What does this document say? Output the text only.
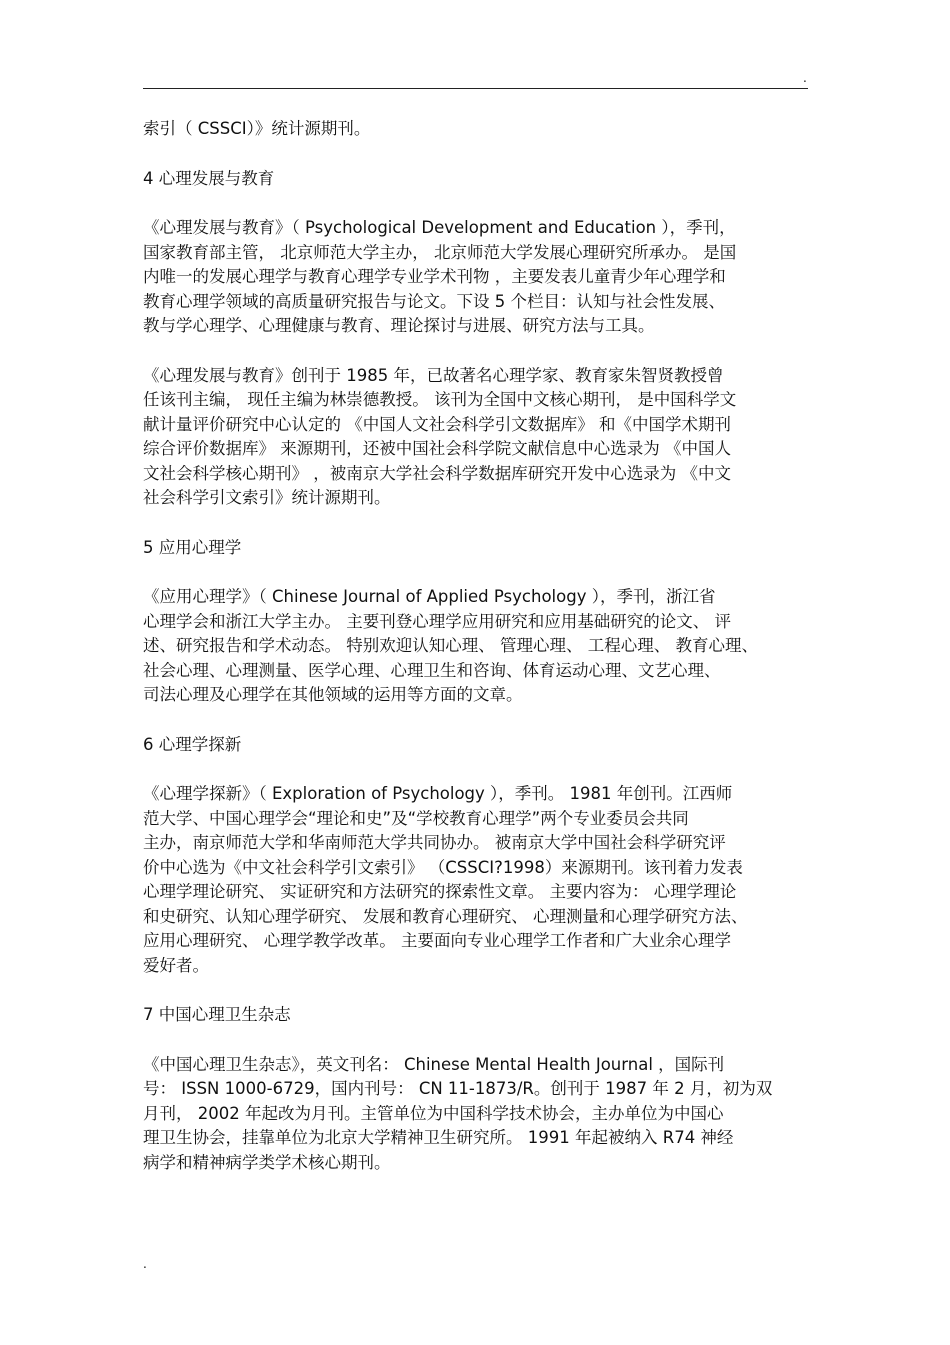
.

索引（ CSSCI）》统计源期刊。

4 心理发展与教育

《心理发展与教育》（ Psychological Development and Education ），季刊，
国家教育部主管， 北京师范大学主办， 北京师范大学发展心理研究所承办。 是国
内唯一的发展心理学与教育心理学专业学术刊物 ，主要发表儿童青少年心理学和
教育心理学领域的高质量研究报告与论文。下设 5 个栏目：认知与社会性发展、
教与学心理学、心理健康与教育、理论探讨与进展、研究方法与工具。

《心理发展与教育》创刊于 1985 年，已故著名心理学家、教育家朱智贤教授曾
任该刊主编， 现任主编为林崇德教授。 该刊为全国中文核心期刊， 是中国科学文
献计量评价研究中心认定的 《中国人文社会科学引文数据库》 和《中国学术期刊
综合评价数据库》 来源期刊，还被中国社会科学院文献信息中心选录为 《中国人
文社会科学核心期刊》 ，被南京大学社会科学数据库研究开发中心选录为 《中文
社会科学引文索引》统计源期刊。

5 应用心理学

《应用心理学》（ Chinese Journal of Applied Psychology ），季刊，浙江省
心理学会和浙江大学主办。 主要刊登心理学应用研究和应用基础研究的论文、 评
述、研究报告和学术动态。 特别欢迎认知心理、 管理心理、 工程心理、 教育心理、
社会心理、心理测量、医学心理、心理卫生和咨询、体育运动心理、文艺心理、
司法心理及心理学在其他领域的运用等方面的文章。

6 心理学探新

《心理学探新》（ Exploration of Psychology ），季刊。 1981 年创刊。江西师
范大学、中国心理学会“理论和史”及“学校教育心理学”两个专业委员会共同
主办，南京师范大学和华南师范大学共同协办。 被南京大学中国社会科学研究评
价中心选为《中文社会科学引文索引》 （CSSCI?1998）来源期刊。该刊着力发表
心理学理论研究、 实证研究和方法研究的探索性文章。 主要内容为： 心理学理论
和史研究、认知心理学研究、 发展和教育心理研究、 心理测量和心理学研究方法、
应用心理研究、 心理学教学改革。 主要面向专业心理学工作者和广大业余心理学
爱好者。

7 中国心理卫生杂志

《中国心理卫生杂志》，英文刊名： Chinese Mental Health Journal ，国际刊
号： ISSN 1000-6729，国内刊号： CN 11-1873/R。创刊于 1987 年 2 月，初为双
月刊， 2002 年起改为月刊。主管单位为中国科学技术协会，主办单位为中国心
理卫生协会，挂靠单位为北京大学精神卫生研究所。 1991 年起被纳入 R74 神经
病学和精神病学类学术核心期刊。

.
